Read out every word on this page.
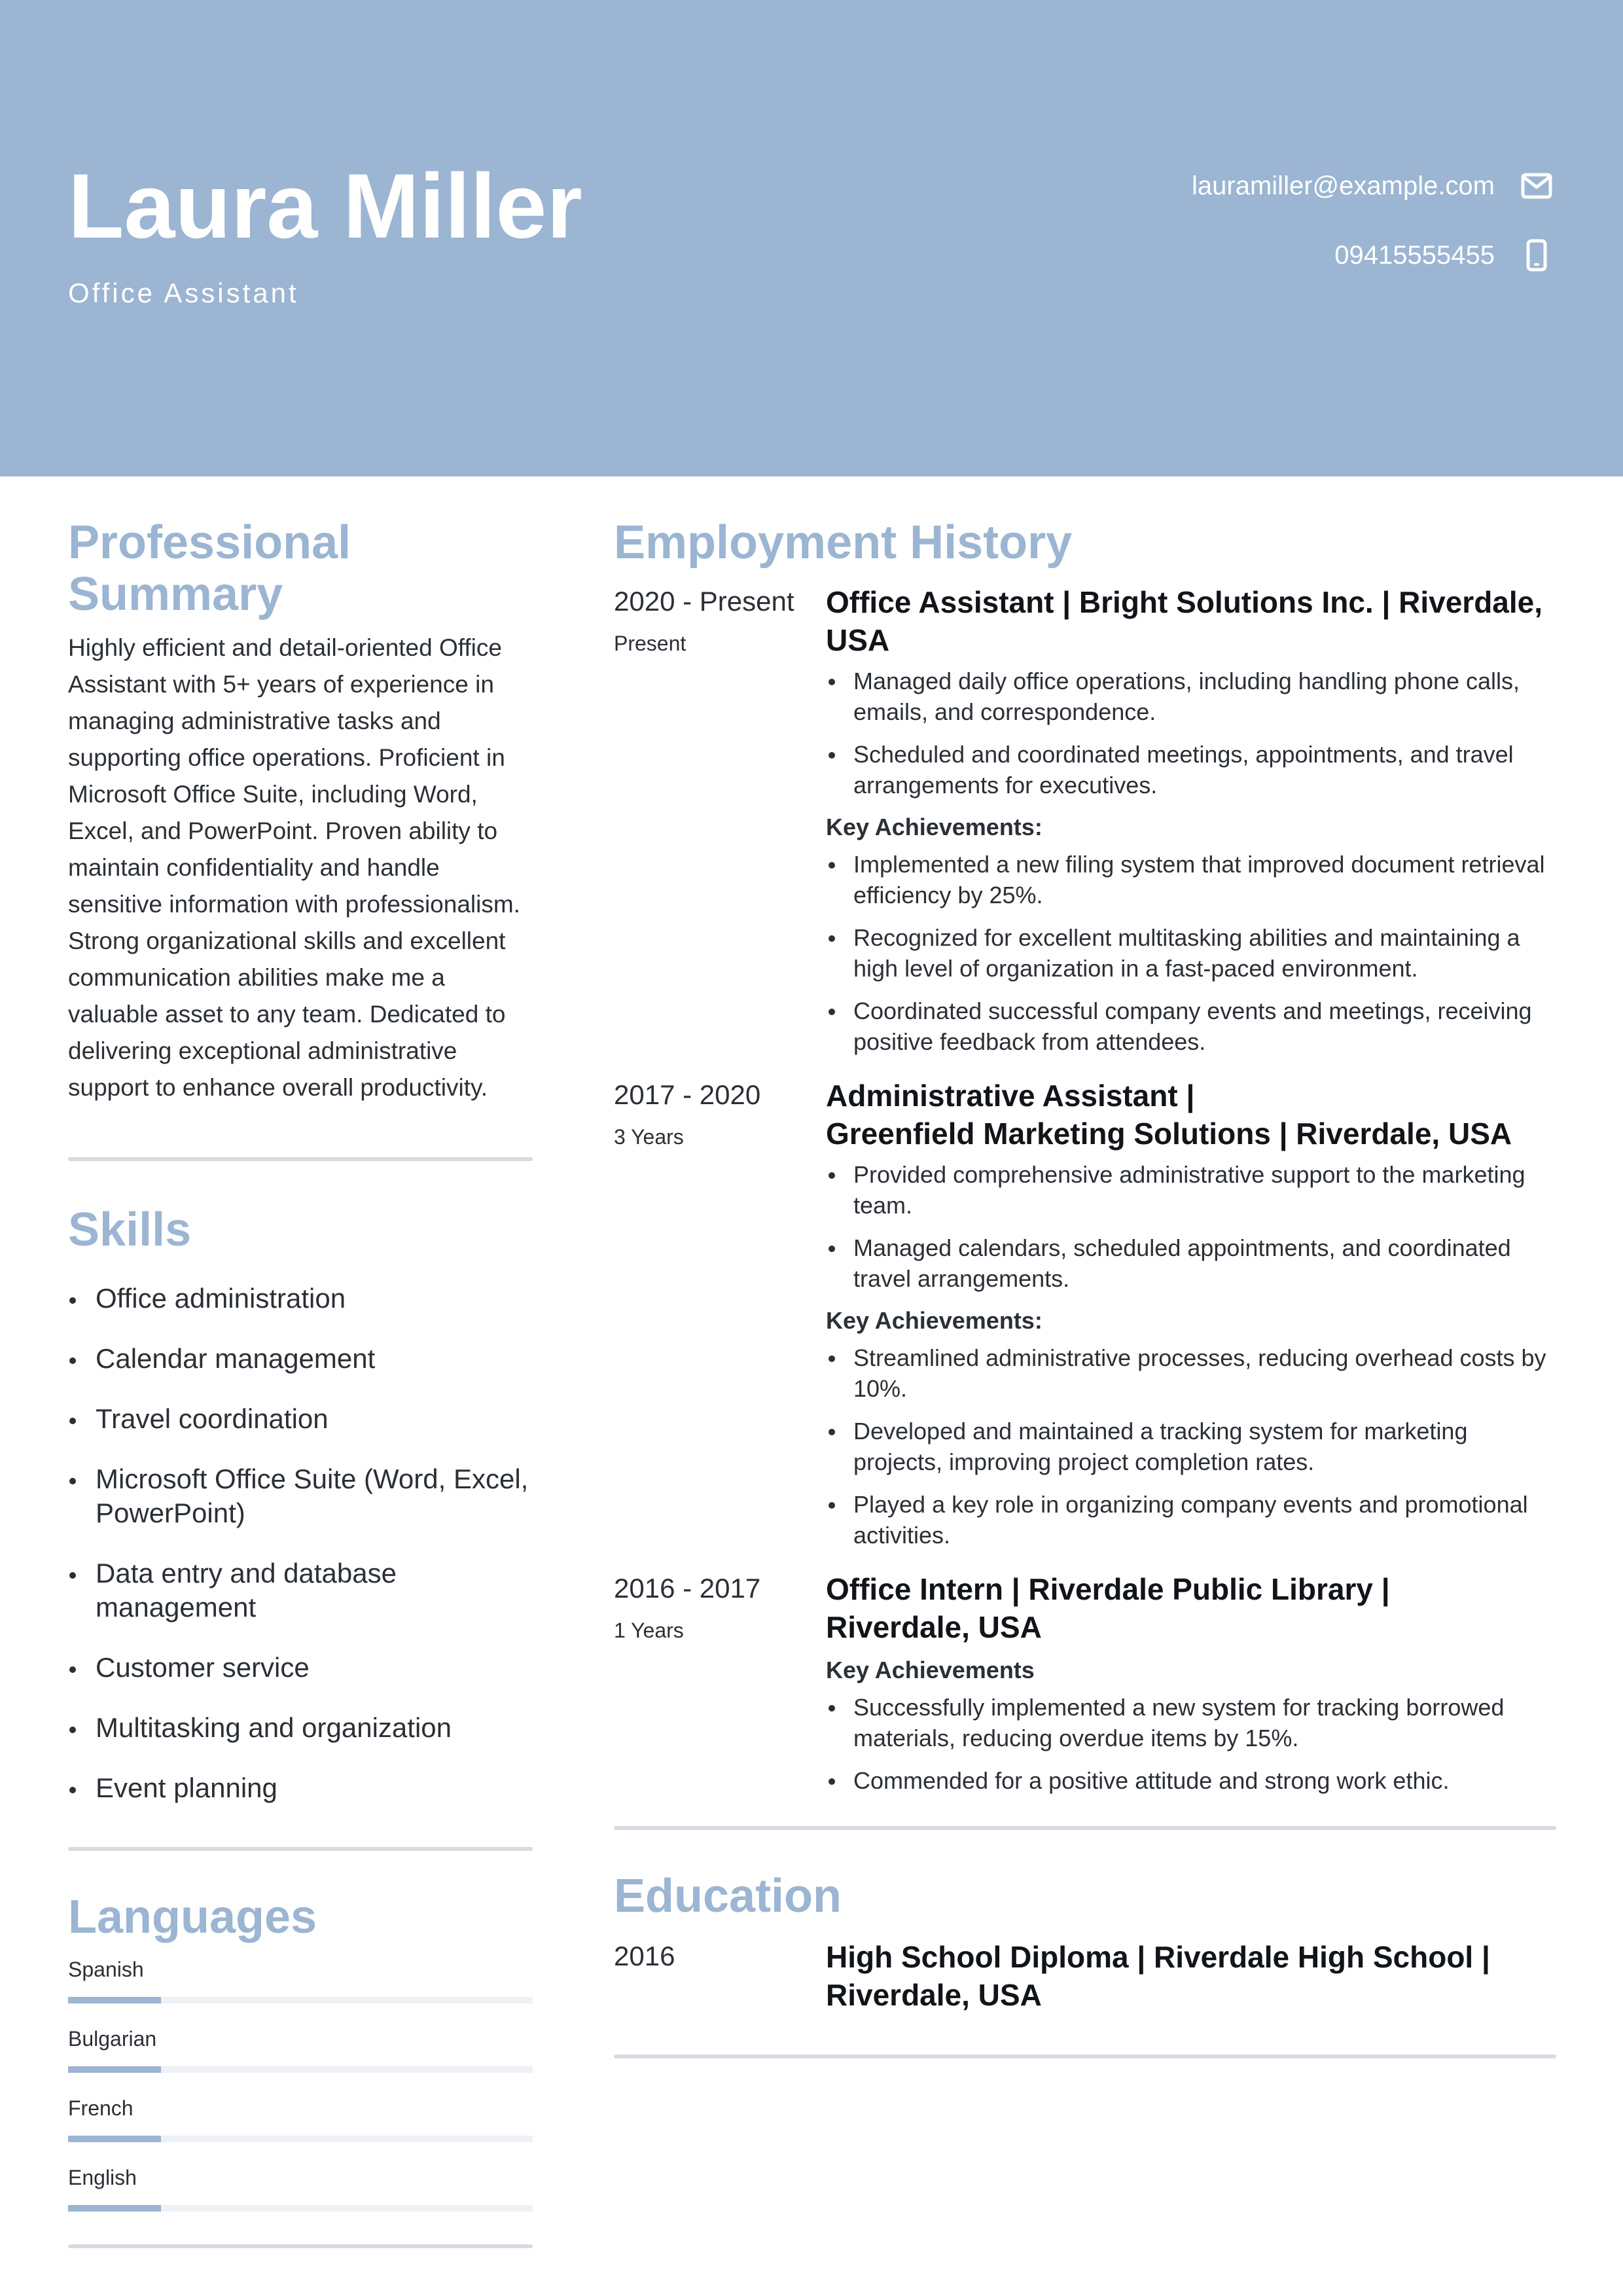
Laura Miller
Office Assistant
lauramiller@example.com
09415555455
Professional Summary
Highly efficient and detail-oriented Office Assistant with 5+ years of experience in managing administrative tasks and supporting office operations. Proficient in Microsoft Office Suite, including Word, Excel, and PowerPoint. Proven ability to maintain confidentiality and handle sensitive information with professionalism. Strong organizational skills and excellent communication abilities make me a valuable asset to any team. Dedicated to delivering exceptional administrative support to enhance overall productivity.
Skills
Office administration
Calendar management
Travel coordination
Microsoft Office Suite (Word, Excel, PowerPoint)
Data entry and database management
Customer service
Multitasking and organization
Event planning
Languages
Spanish
Bulgarian
French
English
Employment History
2020 - Present
Present
Office Assistant | Bright Solutions Inc. | Riverdale, USA
Managed daily office operations, including handling phone calls, emails, and correspondence.
Scheduled and coordinated meetings, appointments, and travel arrangements for executives.
Key Achievements:
Implemented a new filing system that improved document retrieval efficiency by 25%.
Recognized for excellent multitasking abilities and maintaining a high level of organization in a fast-paced environment.
Coordinated successful company events and meetings, receiving positive feedback from attendees.
2017 - 2020
3 Years
Administrative Assistant |
Greenfield Marketing Solutions | Riverdale, USA
Provided comprehensive administrative support to the marketing team.
Managed calendars, scheduled appointments, and coordinated travel arrangements.
Key Achievements:
Streamlined administrative processes, reducing overhead costs by 10%.
Developed and maintained a tracking system for marketing projects, improving project completion rates.
Played a key role in organizing company events and promotional activities.
2016 - 2017
1 Years
Office Intern | Riverdale Public Library |
Riverdale, USA
Key Achievements
Successfully implemented a new system for tracking borrowed materials, reducing overdue items by 15%.
Commended for a positive attitude and strong work ethic.
Education
2016	High School Diploma | Riverdale High School |
Riverdale, USA
